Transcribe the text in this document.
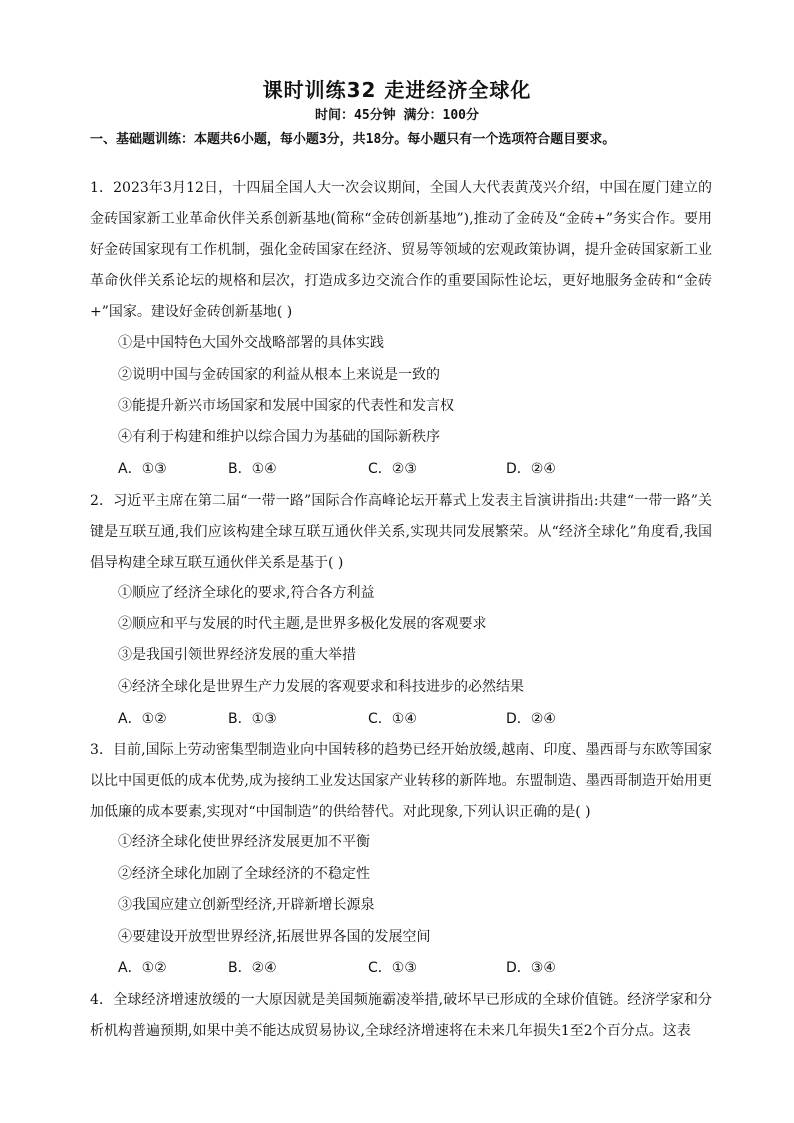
课时训练32 走进经济全球化
时间：45分钟 满分：100分
一、基础题训练：本题共6小题，每小题3分，共18分。每小题只有一个选项符合题目要求。
1．2023年3月12日，十四届全国人大一次会议期间，全国人大代表黄茂兴介绍，中国在厦门建立的金砖国家新工业革命伙伴关系创新基地(简称“金砖创新基地”),推动了金砖及“金砖+”务实合作。要用好金砖国家现有工作机制，强化金砖国家在经济、贸易等领域的宏观政策协调，提升金砖国家新工业革命伙伴关系论坛的规格和层次，打造成多边交流合作的重要国际性论坛，更好地服务金砖和“金砖+”国家。建设好金砖创新基地( )
①是中国特色大国外交战略部署的具体实践
②说明中国与金砖国家的利益从根本上来说是一致的
③能提升新兴市场国家和发展中国家的代表性和发言权
④有利于构建和维护以综合国力为基础的国际新秩序
A．①③	B．①④	C．②③	D．②④
2．习近平主席在第二届“一带一路”国际合作高峰论坛开幕式上发表主旨演讲指出:共建“一带一路”关键是互联互通,我们应该构建全球互联互通伙伴关系,实现共同发展繁荣。从“经济全球化”角度看,我国倡导构建全球互联互通伙伴关系是基于( )
①顺应了经济全球化的要求,符合各方利益
②顺应和平与发展的时代主题,是世界多极化发展的客观要求
③是我国引领世界经济发展的重大举措
④经济全球化是世界生产力发展的客观要求和科技进步的必然结果
A．①②	B．①③	C．①④	D．②④
3．目前,国际上劳动密集型制造业向中国转移的趋势已经开始放缓,越南、印度、墨西哥与东欧等国家以比中国更低的成本优势,成为接纳工业发达国家产业转移的新阵地。东盟制造、墨西哥制造开始用更加低廉的成本要素,实现对“中国制造”的供给替代。对此现象,下列认识正确的是( )
①经济全球化使世界经济发展更加不平衡
②经济全球化加剧了全球经济的不稳定性
③我国应建立创新型经济,开辟新增长源泉
④要建设开放型世界经济,拓展世界各国的发展空间
A．①②	B．②④	C．①③	D．③④
4．全球经济增速放缓的一大原因就是美国频施霸凌举措,破坏早已形成的全球价值链。经济学家和分析机构普遍预期,如果中美不能达成贸易协议,全球经济增速将在未来几年损失1至2个百分点。这表
